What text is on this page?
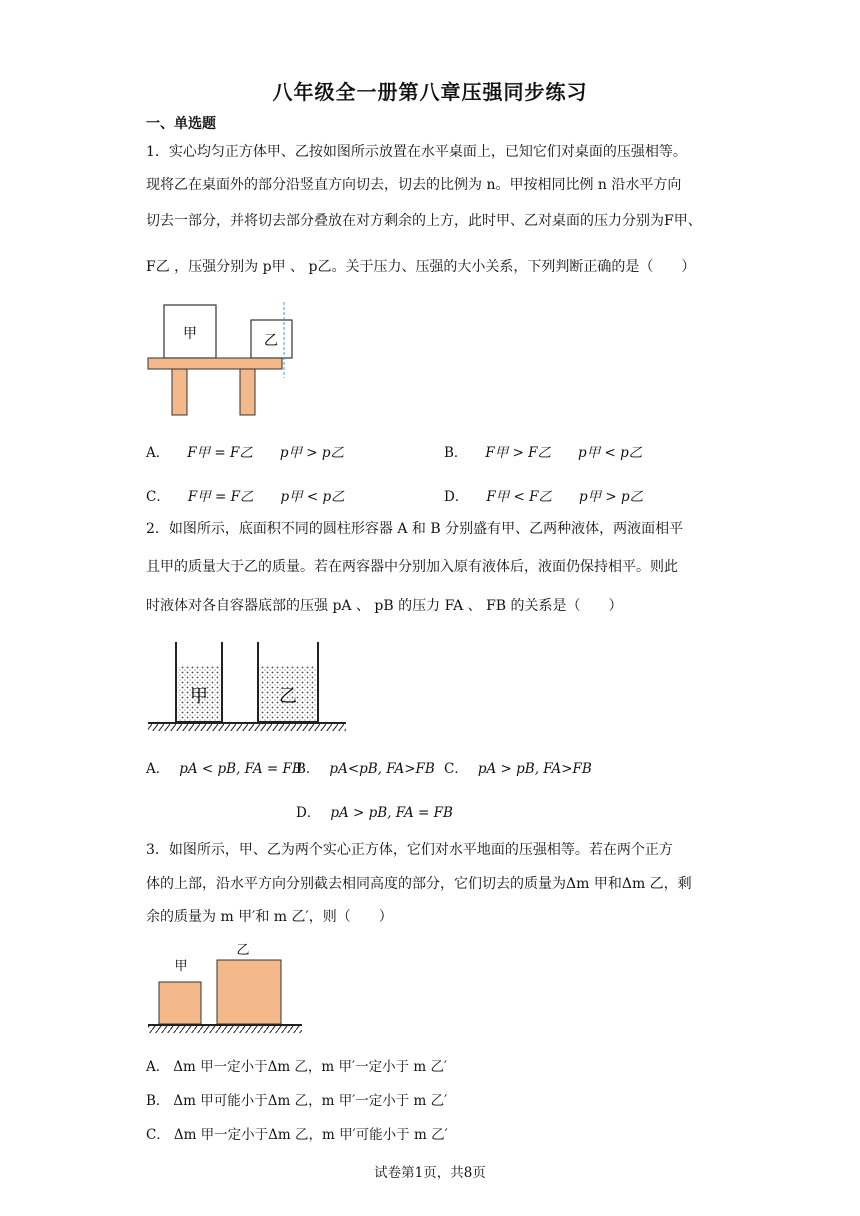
八年级全一册第八章压强同步练习
一、单选题
1．实心均匀正方体甲、乙按如图所示放置在水平桌面上，已知它们对桌面的压强相等。
现将乙在桌面外的部分沿竖直方向切去，切去的比例为 n。甲按相同比例 n 沿水平方向
切去一部分，并将切去部分叠放在对方剩余的上方，此时甲、乙对桌面的压力分别为F甲、
F乙 ，压强分别为 p甲 、 p乙。关于压力、压强的大小关系，下列判断正确的是（　　）
甲	乙
A． F甲 = F乙　　p甲 > p乙	B． F甲 > F乙　　p甲 < p乙
C． F甲 = F乙　　p甲 < p乙	D． F甲 < F乙　　p甲 > p乙
2．如图所示，底面积不同的圆柱形容器 A 和 B 分别盛有甲、乙两种液体，两液面相平
且甲的质量大于乙的质量。若在两容器中分别加入原有液体后，液面仍保持相平。则此
时液体对各自容器底部的压强 pA 、 pB 的压力 FA 、 FB 的关系是（　　）
甲	乙
A． pA < pB, FA = FB
B． pA<pB, FA>FB C． pA > pB, FA>FB
D． pA > pB, FA = FB
3．如图所示，甲、乙为两个实心正方体，它们对水平地面的压强相等。若在两个正方
体的上部，沿水平方向分别截去相同高度的部分，它们切去的质量为Δm 甲和Δm 乙，剩
余的质量为 m 甲′和 m 乙′，则（　　）
甲
乙
A． Δm 甲一定小于Δm 乙，m 甲′一定小于 m 乙′
B． Δm 甲可能小于Δm 乙，m 甲′一定小于 m 乙′
C． Δm 甲一定小于Δm 乙，m 甲′可能小于 m 乙′
试卷第1页，共8页
